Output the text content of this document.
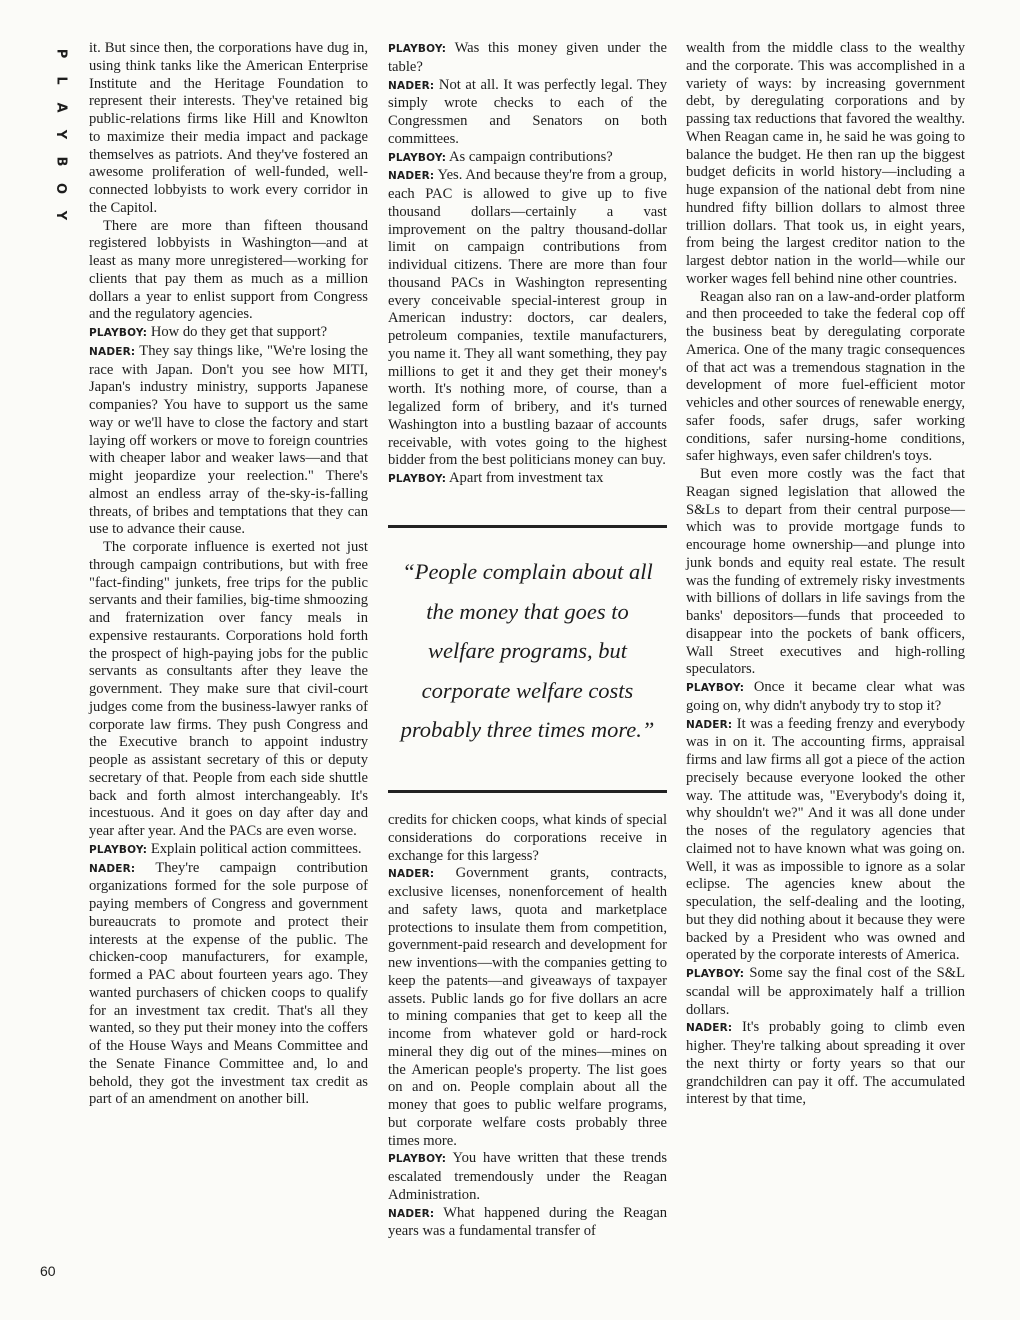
P
L
A
Y
B
O
Y
60

it. But since then, the corporations have dug in, using think tanks like the American Enterprise Institute and the Heritage Foundation to represent their interests. They've retained big public-relations firms like Hill and Knowlton to maximize their media impact and package themselves as patriots. And they've fostered an awesome proliferation of well-funded, well-connected lobbyists to work every corridor in the Capitol.

There are more than fifteen thousand registered lobbyists in Washington—and at least as many more unregistered—working for clients that pay them as much as a million dollars a year to enlist support from Congress and the regulatory agencies.

PLAYBOY: How do they get that support?

NADER: They say things like, "We're losing the race with Japan. Don't you see how MITI, Japan's industry ministry, supports Japanese companies? You have to support us the same way or we'll have to close the factory and start laying off workers or move to foreign countries with cheaper labor and weaker laws—and that might jeopardize your reelection." There's almost an endless array of the-sky-is-falling threats, of bribes and temptations that they can use to advance their cause.

The corporate influence is exerted not just through campaign contributions, but with free "fact-finding" junkets, free trips for the public servants and their families, big-time shmoozing and fraternization over fancy meals in expensive restaurants. Corporations hold forth the prospect of high-paying jobs for the public servants as consultants after they leave the government. They make sure that civil-court judges come from the business-lawyer ranks of corporate law firms. They push Congress and the Executive branch to appoint industry people as assistant secretary of this or deputy secretary of that. People from each side shuttle back and forth almost interchangeably. It's incestuous. And it goes on day after day and year after year. And the PACs are even worse.

PLAYBOY: Explain political action committees.

NADER: They're campaign contribution organizations formed for the sole purpose of paying members of Congress and government bureaucrats to promote and protect their interests at the expense of the public. The chicken-coop manufacturers, for example, formed a PAC about fourteen years ago. They wanted purchasers of chicken coops to qualify for an investment tax credit. That's all they wanted, so they put their money into the coffers of the House Ways and Means Committee and the Senate Finance Committee and, lo and behold, they got the investment tax credit as part of an amendment on another bill.

PLAYBOY: Was this money given under the table?

NADER: Not at all. It was perfectly legal. They simply wrote checks to each of the Congressmen and Senators on both committees.

PLAYBOY: As campaign contributions?

NADER: Yes. And because they're from a group, each PAC is allowed to give up to five thousand dollars—certainly a vast improvement on the paltry thousand-dollar limit on campaign contributions from individual citizens. There are more than four thousand PACs in Washington representing every conceivable special-interest group in American industry: doctors, car dealers, petroleum companies, textile manufacturers, you name it. They all want something, they pay millions to get it and they get their money's worth. It's nothing more, of course, than a legalized form of bribery, and it's turned Washington into a bustling bazaar of accounts receivable, with votes going to the highest bidder from the best politicians money can buy.

PLAYBOY: Apart from investment tax

“People complain about all the money that goes to welfare programs, but corporate welfare costs probably three times more.”

credits for chicken coops, what kinds of special considerations do corporations receive in exchange for this largess?

NADER: Government grants, contracts, exclusive licenses, nonenforcement of health and safety laws, quota and marketplace protections to insulate them from competition, government-paid research and development for new inventions—with the companies getting to keep the patents—and giveaways of taxpayer assets. Public lands go for five dollars an acre to mining companies that get to keep all the income from whatever gold or hard-rock mineral they dig out of the mines—mines on the American people's property. The list goes on and on. People complain about all the money that goes to public welfare programs, but corporate welfare costs probably three times more.

PLAYBOY: You have written that these trends escalated tremendously under the Reagan Administration.

NADER: What happened during the Reagan years was a fundamental transfer of

wealth from the middle class to the wealthy and the corporate. This was accomplished in a variety of ways: by increasing government debt, by deregulating corporations and by passing tax reductions that favored the wealthy. When Reagan came in, he said he was going to balance the budget. He then ran up the biggest budget deficits in world history—including a huge expansion of the national debt from nine hundred fifty billion dollars to almost three trillion dollars. That took us, in eight years, from being the largest creditor nation to the largest debtor nation in the world—while our worker wages fell behind nine other countries.

Reagan also ran on a law-and-order platform and then proceeded to take the federal cop off the business beat by deregulating corporate America. One of the many tragic consequences of that act was a tremendous stagnation in the development of more fuel-efficient motor vehicles and other sources of renewable energy, safer foods, safer drugs, safer working conditions, safer nursing-home conditions, safer highways, even safer children's toys.

But even more costly was the fact that Reagan signed legislation that allowed the S&Ls to depart from their central purpose—which was to provide mortgage funds to encourage home ownership—and plunge into junk bonds and equity real estate. The result was the funding of extremely risky investments with billions of dollars in life savings from the banks' depositors—funds that proceeded to disappear into the pockets of bank officers, Wall Street executives and high-rolling speculators.

PLAYBOY: Once it became clear what was going on, why didn't anybody try to stop it?

NADER: It was a feeding frenzy and everybody was in on it. The accounting firms, appraisal firms and law firms all got a piece of the action precisely because everyone looked the other way. The attitude was, "Everybody's doing it, why shouldn't we?" And it was all done under the noses of the regulatory agencies that claimed not to have known what was going on. Well, it was as impossible to ignore as a solar eclipse. The agencies knew about the speculation, the self-dealing and the looting, but they did nothing about it because they were backed by a President who was owned and operated by the corporate interests of America.

PLAYBOY: Some say the final cost of the S&L scandal will be approximately half a trillion dollars.

NADER: It's probably going to climb even higher. They're talking about spreading it over the next thirty or forty years so that our grandchildren can pay it off. The accumulated interest by that time,
